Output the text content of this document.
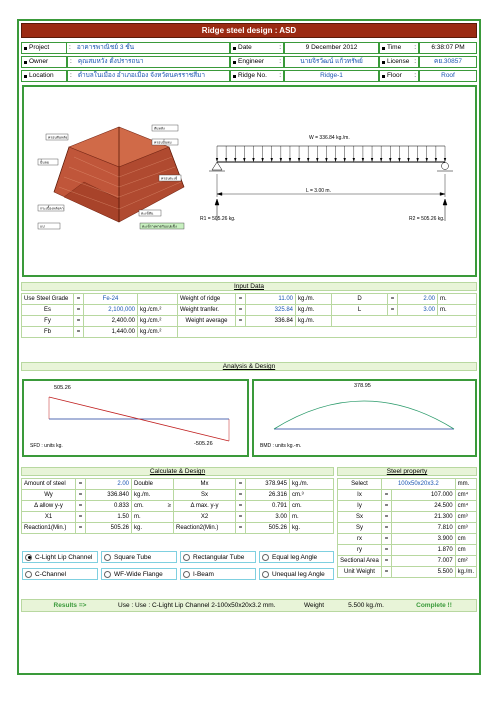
Ridge steel design : ASD
Project	: อาคารพาณิชย์ 3 ชั้น	Date	:	9 December 2012	Time :	6:38:07 PM
Owner	: คุณสมหวัง ตั้งปรารถนา	Engineer :	นายจิรวัฒน์ แก้วทรัพย์	License :	คย.30857
Location	: ตำบลในเมือง อำเภอเมือง จังหวัดนครราชสีมา	Ridge No. :	Ridge-1	Floor :	Roof
ครอบสันหลัง
สันหลัง
ครอบปั้นลม
ปั้นลม
กระเบื้องหลังคา
แป
ครอบตะเข้
ตะเข้สัน
ตะเข้รางพาดรับแปแข็ง
W = 336.84 kg./m.
L = 3.00 m.
R1 = 505.26 kg.	R2 = 505.26 kg.
Input Data
Use Steel Grade	=	Fe-24		Weight of ridge	=	11.00	kg./m.	D	=	2.00	m.
Es	=	2,100,000	kg./cm.²	Weight tranfer.	=	325.84	kg./m.	L	=	3.00	m.
Fy	=	2,400.00	kg./cm.²	Weight average	=	336.84	kg./m.				
Fb	=	1,440.00	kg./cm.²								
Analysis & Design
505.26
-505.26
SFD : units kg.
378.95
BMD : units kg.-m.
Calculate & Design	Steel property
Amount of steel	=	2.00	Double	Mx	=	378.945	kg./m.
Wy	=	336.840	kg./m.	Sx	=	26.316	cm.³
Δ allow y-y	=	0.833	cm. ≥	Δ max. y-y	=	0.791	cm.
X1	=	1.50	m.	X2	=	3.00	m.
Reaction1(Min.)	=	505.26	kg.	Reaction2(Min.)	=	505.26	kg.
Select	100x50x20x3.2		mm.
Ix	=	107.000	cm⁴
Iy	=	24.500	cm⁴
Sx	=	21.300	cm³
Sy	=	7.810	cm³
rx	=	3.900	cm
ry	=	1.870	cm
Sectional Area	=	7.007	cm²
Unit Weight	=	5.500	kg./m.
C-Light Lip Channel	Square Tube	Rectangular Tube	Equal leg Angle
C-Channel	WF-Wide Flange	I-Beam	Unequal leg Angle
Results =>	Use : Use : C-Light Lip Channel 2-100x50x20x3.2 mm.	Weight	5.500 kg./m.	Complete !!
